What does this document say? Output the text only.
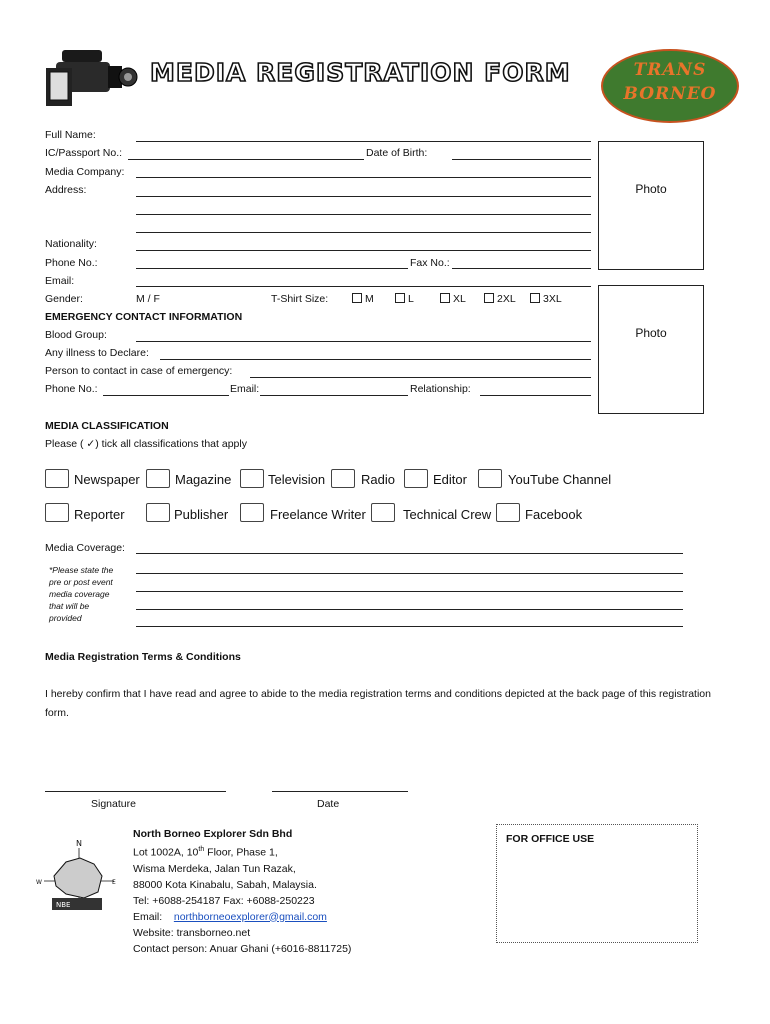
MEDIA REGISTRATION FORM	TRANS
BORNEO
Full Name:
IC/Passport No.:	Date of Birth:
Media Company:
Address:
Nationality:
Phone No.:	Fax No.:
Email:
Gender:	M / F	T-Shirt Size:	M	L	XL	2XL	3XL
Photo
EMERGENCY CONTACT INFORMATION
Blood Group:
Any illness to Declare:
Person to contact in case of emergency:
Phone No.:	Email:	Relationship:
Photo
MEDIA CLASSIFICATION
Please ( ✓) tick all classifications that apply
Newspaper	Magazine	Television	Radio	Editor	YouTube Channel
Reporter	Publisher	Freelance Writer	Technical Crew	Facebook
Media Coverage:
*Please state the pre or post event media coverage that will be provided
Media Registration Terms & Conditions
I hereby confirm that I have read and agree to abide to the media registration terms and conditions depicted at the back page of this registration form.
Signature	Date
N
W	E
NBE
North Borneo Explorer Sdn Bhd
Lot 1002A, 10th Floor, Phase 1,
Wisma Merdeka, Jalan Tun Razak,
88000 Kota Kinabalu, Sabah, Malaysia.
Tel: +6088-254187 Fax: +6088-250223
Email: northborneoexplorer@gmail.com
Website: transborneo.net
Contact person: Anuar Ghani (+6016-8811725)
FOR OFFICE USE
